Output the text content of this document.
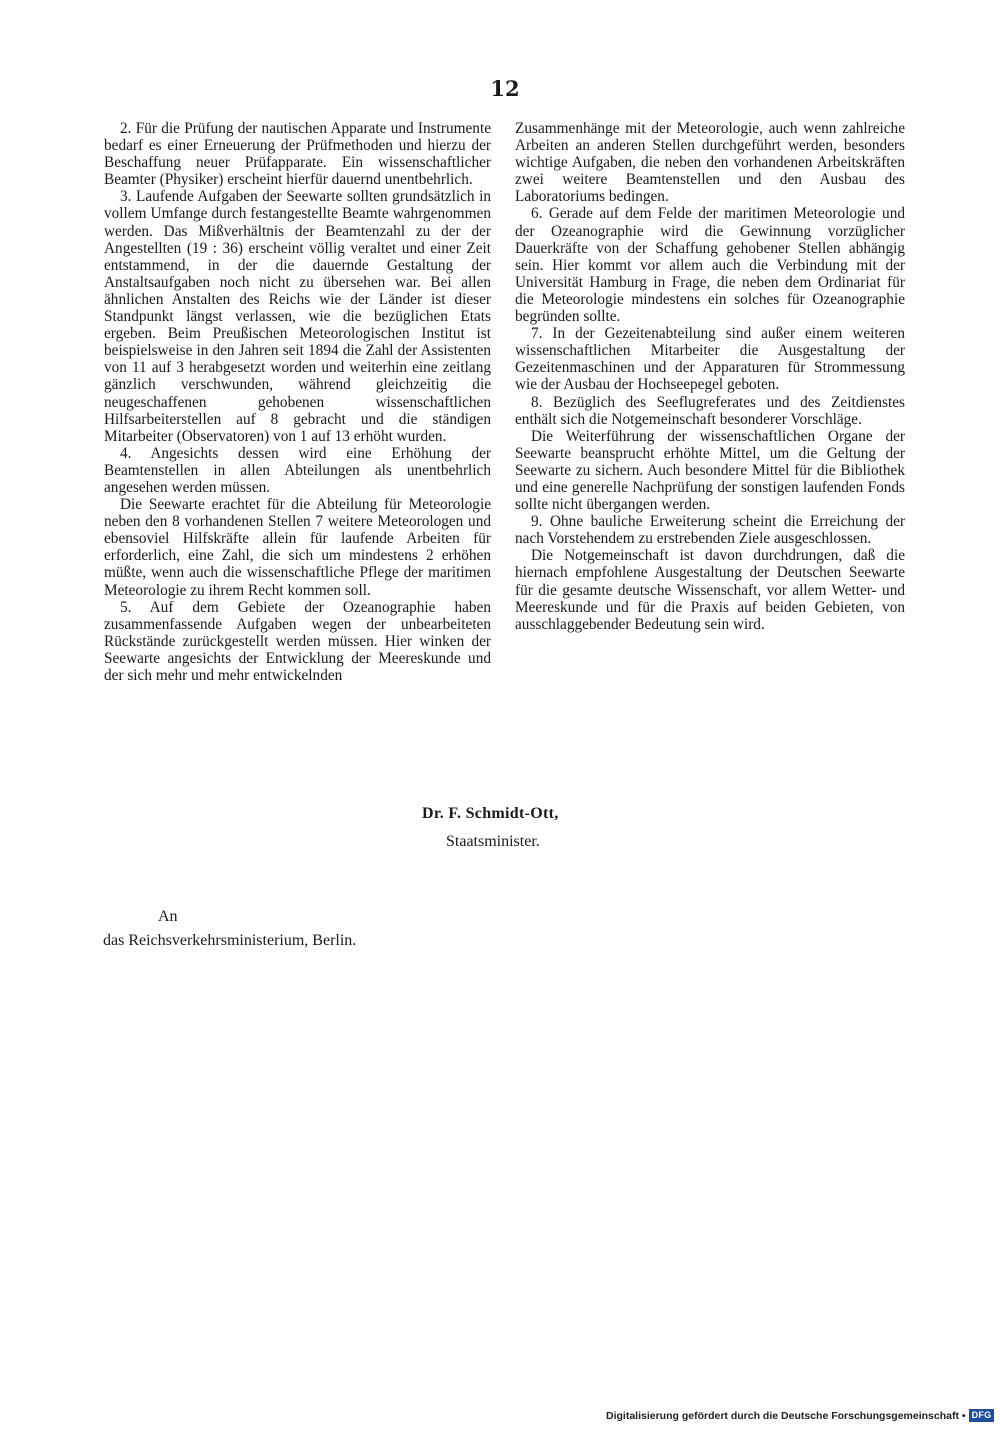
12

2. Für die Prüfung der nautischen Apparate und Instrumente bedarf es einer Erneuerung der Prüfmethoden und hierzu der Beschaffung neuer Prüfapparate. Ein wissenschaftlicher Beamter (Physiker) erscheint hierfür dauernd unentbehrlich.

3. Laufende Aufgaben der Seewarte sollten grundsätzlich in vollem Umfange durch festangestellte Beamte wahrgenommen werden. Das Mißverhältnis der Beamtenzahl zu der der Angestellten (19 : 36) erscheint völlig veraltet und einer Zeit entstammend, in der die dauernde Gestaltung der Anstaltsaufgaben noch nicht zu übersehen war. Bei allen ähnlichen Anstalten des Reichs wie der Länder ist dieser Standpunkt längst verlassen, wie die bezüglichen Etats ergeben. Beim Preußischen Meteorologischen Institut ist beispielsweise in den Jahren seit 1894 die Zahl der Assistenten von 11 auf 3 herabgesetzt worden und weiterhin eine zeitlang gänzlich verschwunden, während gleichzeitig die neugeschaffenen gehobenen wissenschaftlichen Hilfsarbeiterstellen auf 8 gebracht und die ständigen Mitarbeiter (Observatoren) von 1 auf 13 erhöht wurden.

4. Angesichts dessen wird eine Erhöhung der Beamtenstellen in allen Abteilungen als unentbehrlich angesehen werden müssen.

Die Seewarte erachtet für die Abteilung für Meteorologie neben den 8 vorhandenen Stellen 7 weitere Meteorologen und ebensoviel Hilfskräfte allein für laufende Arbeiten für erforderlich, eine Zahl, die sich um mindestens 2 erhöhen müßte, wenn auch die wissenschaftliche Pflege der maritimen Meteorologie zu ihrem Recht kommen soll.

5. Auf dem Gebiete der Ozeanographie haben zusammenfassende Aufgaben wegen der unbearbeiteten Rückstände zurückgestellt werden müssen. Hier winken der Seewarte angesichts der Entwicklung der Meereskunde und der sich mehr und mehr entwickelnden

Zusammenhänge mit der Meteorologie, auch wenn zahlreiche Arbeiten an anderen Stellen durchgeführt werden, besonders wichtige Aufgaben, die neben den vorhandenen Arbeitskräften zwei weitere Beamtenstellen und den Ausbau des Laboratoriums bedingen.

6. Gerade auf dem Felde der maritimen Meteorologie und der Ozeanographie wird die Gewinnung vorzüglicher Dauerkräfte von der Schaffung gehobener Stellen abhängig sein. Hier kommt vor allem auch die Verbindung mit der Universität Hamburg in Frage, die neben dem Ordinariat für die Meteorologie mindestens ein solches für Ozeanographie begründen sollte.

7. In der Gezeitenabteilung sind außer einem weiteren wissenschaftlichen Mitarbeiter die Ausgestaltung der Gezeitenmaschinen und der Apparaturen für Strommessung wie der Ausbau der Hochseepegel geboten.

8. Bezüglich des Seeflugreferates und des Zeitdienstes enthält sich die Notgemeinschaft besonderer Vorschläge.

Die Weiterführung der wissenschaftlichen Organe der Seewarte beansprucht erhöhte Mittel, um die Geltung der Seewarte zu sichern. Auch besondere Mittel für die Bibliothek und eine generelle Nachprüfung der sonstigen laufenden Fonds sollte nicht übergangen werden.

9. Ohne bauliche Erweiterung scheint die Erreichung der nach Vorstehendem zu erstrebenden Ziele ausgeschlossen.

Die Notgemeinschaft ist davon durchdrungen, daß die hiernach empfohlene Ausgestaltung der Deutschen Seewarte für die gesamte deutsche Wissenschaft, vor allem Wetter- und Meereskunde und für die Praxis auf beiden Gebieten, von ausschlaggebender Bedeutung sein wird.

Dr. F. Schmidt-Ott,
Staatsminister.
An
das Reichsverkehrsministerium, Berlin.
Digitalisierung gefördert durch die Deutsche Forschungsgemeinschaft • DFG
